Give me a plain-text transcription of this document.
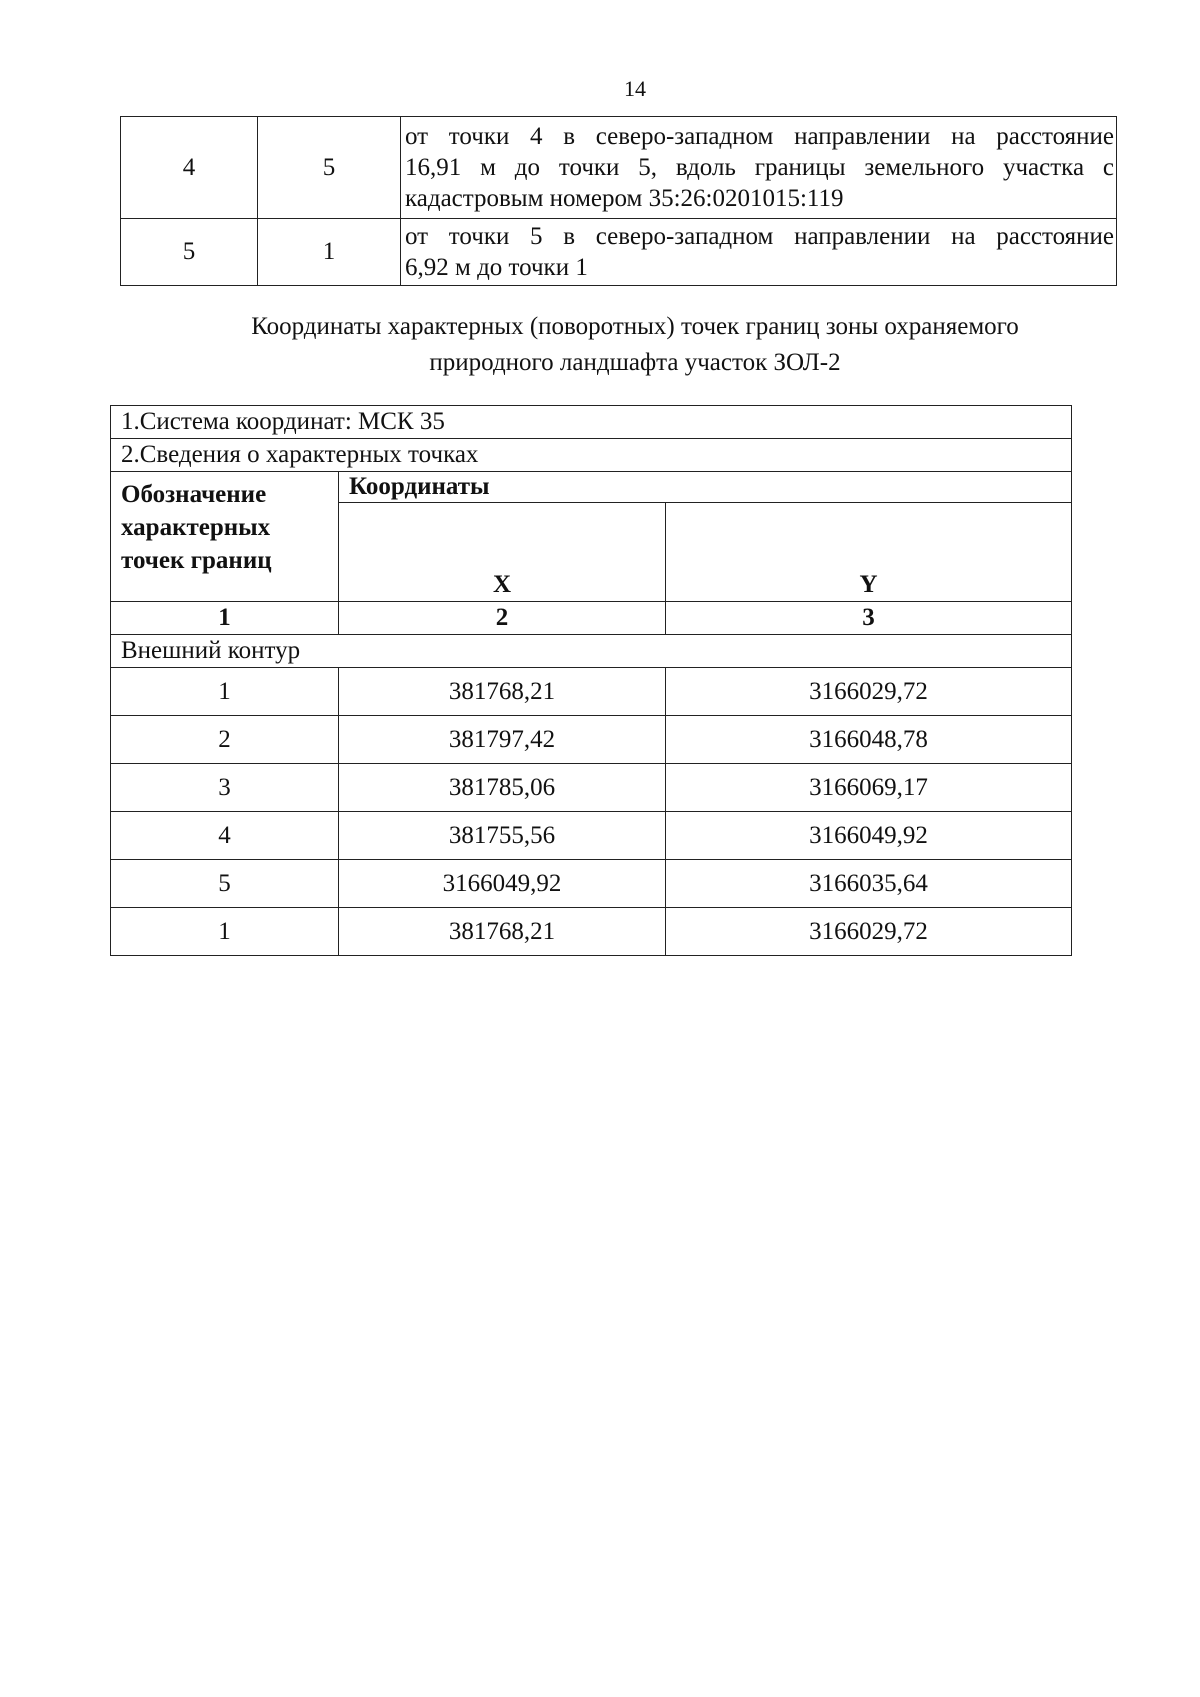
14
4	5	от точки 4 в северо-западном направлении на расстояние
16,91 м до точки 5, вдоль границы земельного участка с
кадастровым номером 35:26:0201015:119

5	1	от точки 5 в северо-западном направлении на расстояние
6,92 м до точки 1
Координаты характерных (поворотных) точек границ зоны охраняемого
природного ландшафта участок ЗОЛ-2
1.Система координат: МСК 35		
2.Сведения о характерных точках		
Обозначение характерных точек границ	Координаты	
	X	Y
1	2	3
Внешний контур		
1	381768,21	3166029,72
2	381797,42	3166048,78
3	381785,06	3166069,17
4	381755,56	3166049,92
5	3166049,92	3166035,64
1	381768,21	3166029,72
